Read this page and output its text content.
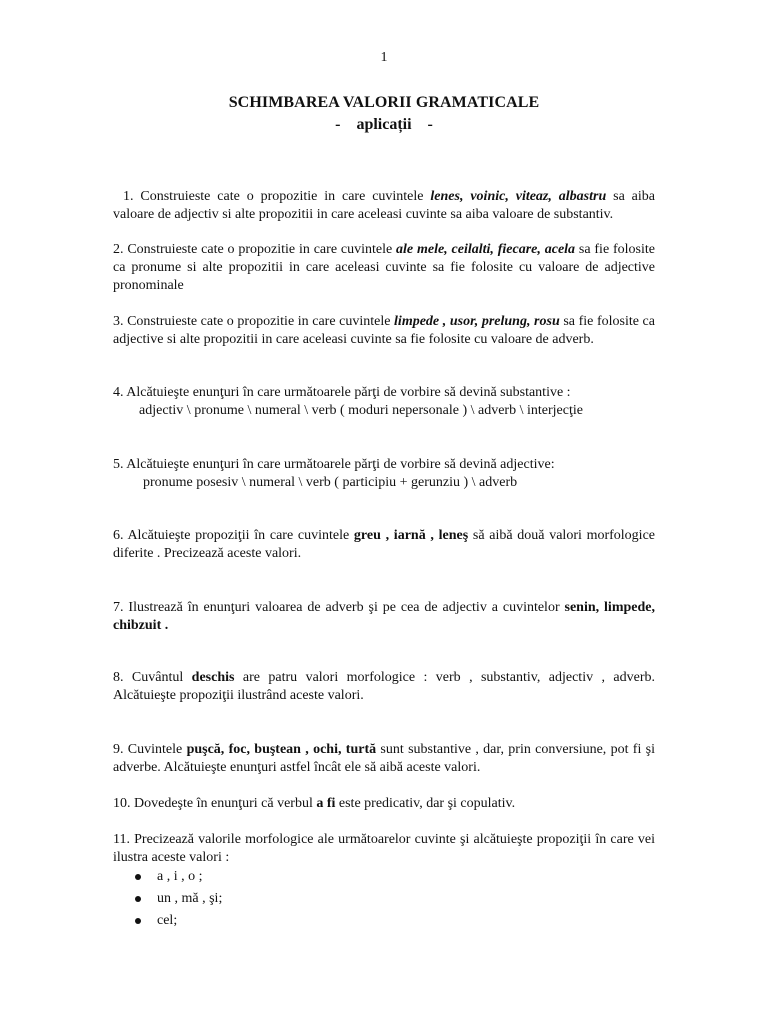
1
SCHIMBAREA VALORII GRAMATICALE
- aplicații -
1. Construieste cate o propozitie in care cuvintele lenes, voinic, viteaz, albastru sa aiba valoare de adjectiv si alte propozitii in care aceleasi cuvinte sa aiba valoare de substantiv.
2. Construieste cate o propozitie in care cuvintele ale mele, ceilalti, fiecare, acela sa fie folosite ca pronume si alte propozitii in care aceleasi cuvinte sa fie folosite cu valoare de adjective pronominale
3. Construieste cate o propozitie in care cuvintele limpede , usor, prelung, rosu sa fie folosite ca adjective si alte propozitii in care aceleasi cuvinte sa fie folosite cu valoare de adverb.
4. Alcătuieşte enunţuri în care următoarele părţi de vorbire să devină substantive :
adjectiv \ pronume \ numeral \ verb ( moduri nepersonale ) \ adverb \ interjecţie
5. Alcătuieşte enunţuri în care următoarele părţi de vorbire să devină adjective:
pronume posesiv \ numeral \ verb ( participiu + gerunziu ) \ adverb
6. Alcătuieşte propoziţii în care cuvintele greu , iarnă , leneş să aibă două valori morfologice diferite . Precizează aceste valori.
7. Ilustrează în enunţuri valoarea de adverb şi pe cea de adjectiv a cuvintelor senin, limpede, chibzuit .
8. Cuvântul deschis are patru valori morfologice : verb , substantiv, adjectiv , adverb. Alcătuieşte propoziţii ilustrând aceste valori.
9. Cuvintele puşcă, foc, buştean , ochi, turtă sunt substantive , dar, prin conversiune, pot fi şi adverbe. Alcătuieşte enunţuri astfel încât ele să aibă aceste valori.
10. Dovedeşte în enunţuri că verbul a fi este predicativ, dar şi copulativ.
11. Precizează valorile morfologice ale următoarelor cuvinte şi alcătuieşte propoziţii în care vei ilustra aceste valori :
a , i , o ;
un , mă , şi;
cel;
